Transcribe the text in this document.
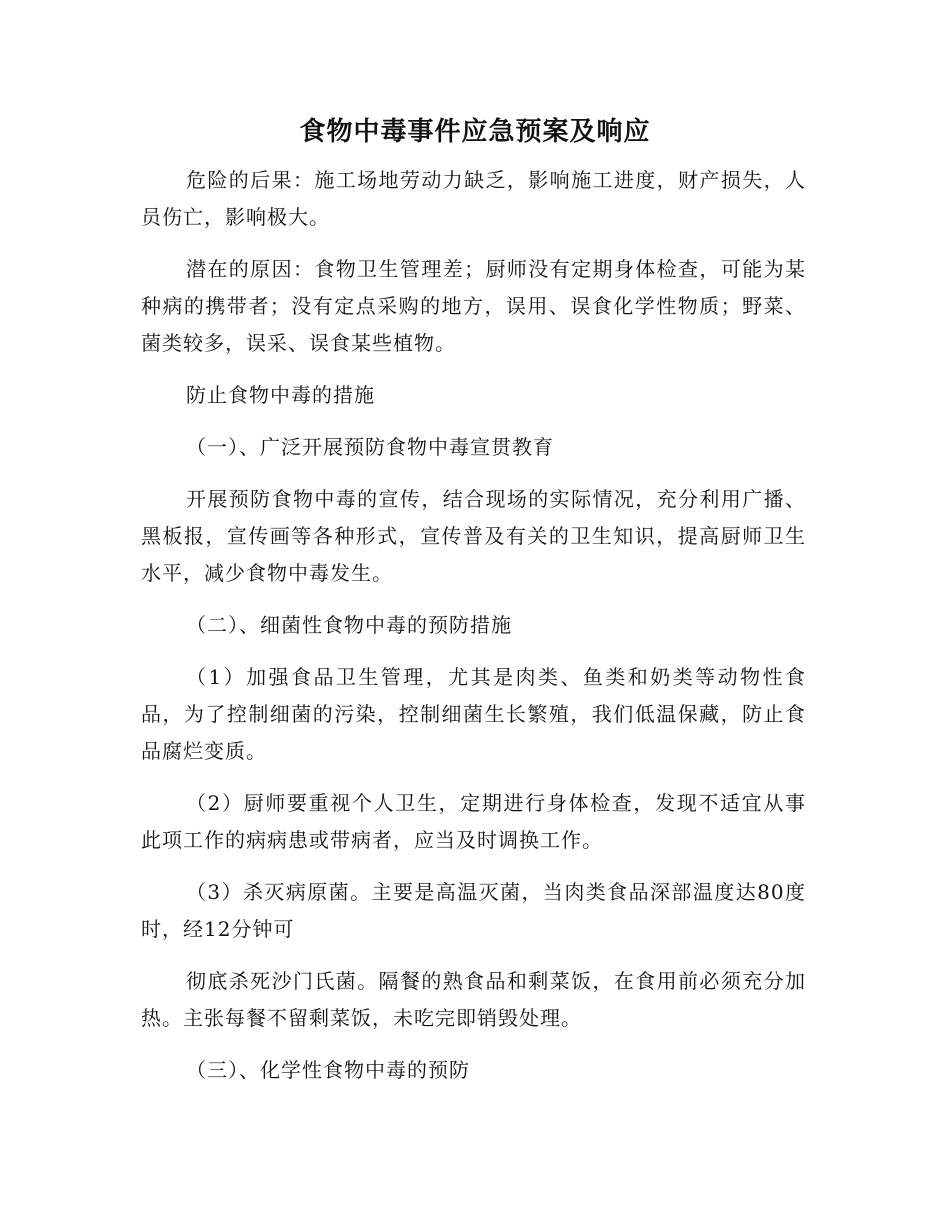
食物中毒事件应急预案及响应

危险的后果：施工场地劳动力缺乏，影响施工进度，财产损失，人员伤亡，影响极大。

潜在的原因：食物卫生管理差；厨师没有定期身体检查，可能为某种病的携带者；没有定点采购的地方，误用、误食化学性物质；野菜、菌类较多，误采、误食某些植物。

防止食物中毒的措施

（一）、广泛开展预防食物中毒宣贯教育

开展预防食物中毒的宣传，结合现场的实际情况，充分利用广播、黑板报，宣传画等各种形式，宣传普及有关的卫生知识，提高厨师卫生水平，减少食物中毒发生。

（二）、细菌性食物中毒的预防措施

（1）加强食品卫生管理，尤其是肉类、鱼类和奶类等动物性食品，为了控制细菌的污染，控制细菌生长繁殖，我们低温保藏，防止食品腐烂变质。

（2）厨师要重视个人卫生，定期进行身体检查，发现不适宜从事此项工作的病病患或带病者，应当及时调换工作。

（3）杀灭病原菌。主要是高温灭菌，当肉类食品深部温度达80度时，经12分钟可

彻底杀死沙门氏菌。隔餐的熟食品和剩菜饭，在食用前必须充分加热。主张每餐不留剩菜饭，未吃完即销毁处理。

（三）、化学性食物中毒的预防
